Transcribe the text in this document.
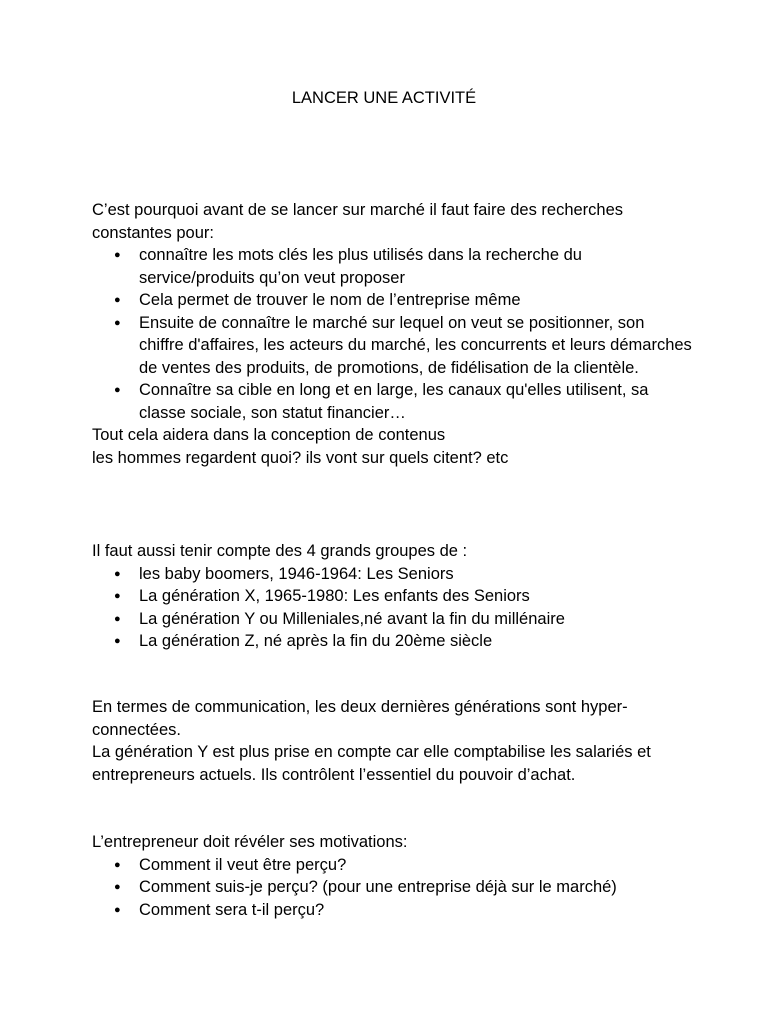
LANCER UNE ACTIVITÉ

C’est pourquoi avant de se lancer sur marché il faut faire des recherches constantes pour:

● connaître les mots clés les plus utilisés dans la recherche du service/produits qu’on veut proposer
● Cela permet de trouver le nom de l’entreprise même
● Ensuite de connaître le marché sur lequel on veut se positionner, son chiffre d'affaires, les acteurs du marché, les concurrents et leurs démarches de ventes des produits, de promotions, de fidélisation de la clientèle.
● Connaître sa cible en long et en large, les canaux qu'elles utilisent, sa classe sociale, son statut financier…

Tout cela aidera dans la conception de contenus

les hommes regardent quoi? ils vont sur quels citent? etc

Il faut aussi tenir compte des 4 grands groupes de :

● les baby boomers, 1946-1964: Les Seniors
● La génération X, 1965-1980: Les enfants des Seniors
● La génération Y ou Milleniales,né avant la fin du millénaire
● La génération Z, né après la fin du 20ème siècle

En termes de communication, les deux dernières générations sont hyper-connectées.

La génération Y est plus prise en compte car elle comptabilise les salariés et entrepreneurs actuels. Ils contrôlent l’essentiel du pouvoir d’achat.

L’entrepreneur doit révéler ses motivations:

● Comment il veut être perçu?
● Comment suis-je perçu? (pour une entreprise déjà sur le marché)
● Comment sera t-il perçu?
